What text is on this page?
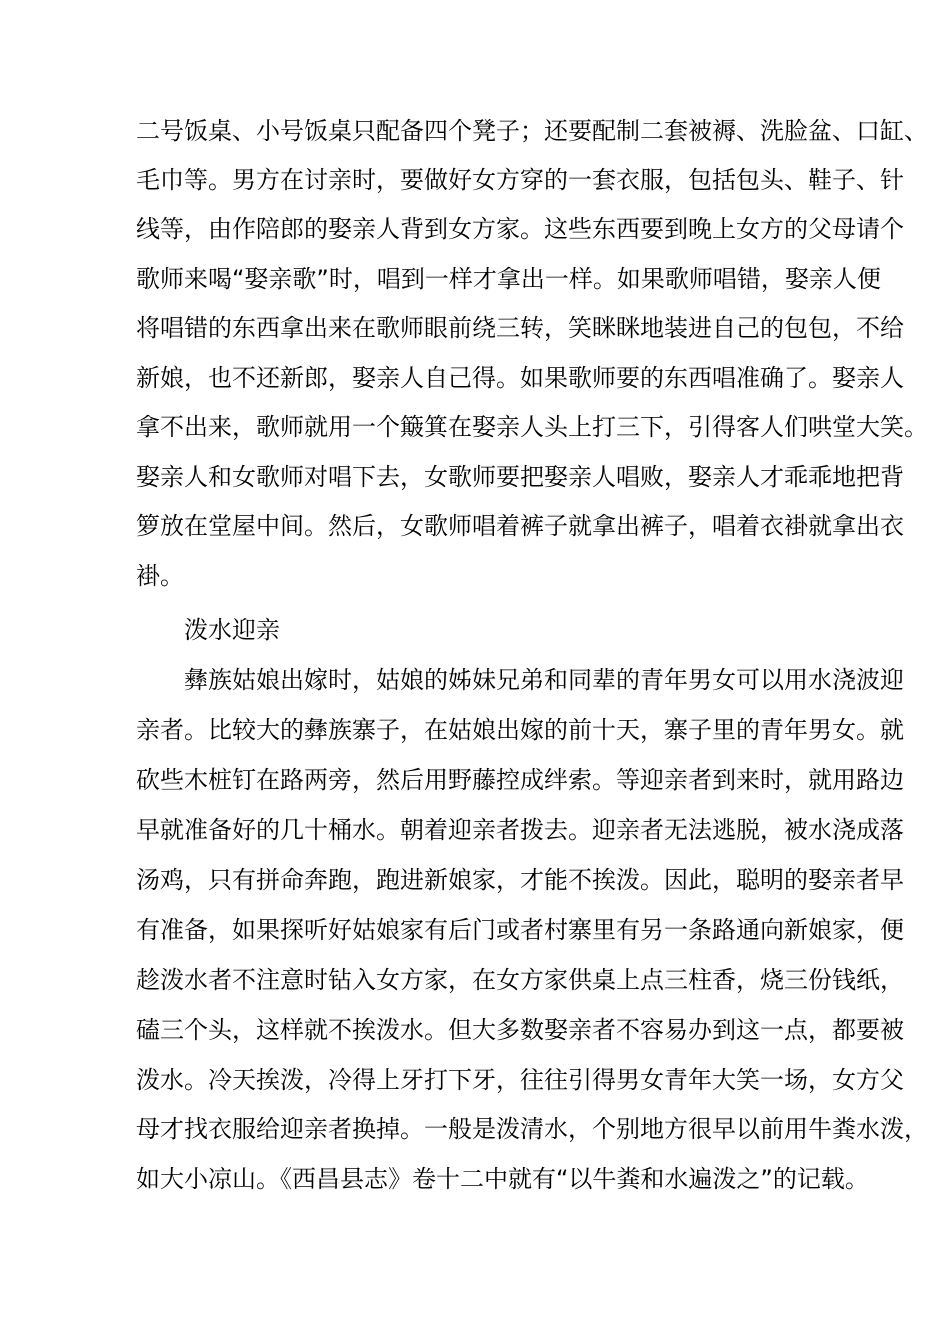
二号饭桌、小号饭桌只配备四个凳子；还要配制二套被褥、洗脸盆、口缸、

毛巾等。男方在讨亲时，要做好女方穿的一套衣服，包括包头、鞋子、针

线等，由作陪郎的娶亲人背到女方家。这些东西要到晚上女方的父母请个

歌师来喝“娶亲歌”时，唱到一样才拿出一样。如果歌师唱错，娶亲人便

将唱错的东西拿出来在歌师眼前绕三转，笑眯眯地装进自己的包包，不给

新娘，也不还新郎，娶亲人自己得。如果歌师要的东西唱准确了。娶亲人

拿不出来，歌师就用一个簸箕在娶亲人头上打三下，引得客人们哄堂大笑。

娶亲人和女歌师对唱下去，女歌师要把娶亲人唱败，娶亲人才乖乖地把背

箩放在堂屋中间。然后，女歌师唱着裤子就拿出裤子，唱着衣褂就拿出衣

褂。

泼水迎亲

彝族姑娘出嫁时，姑娘的姊妹兄弟和同辈的青年男女可以用水浇波迎

亲者。比较大的彝族寨子，在姑娘出嫁的前十天，寨子里的青年男女。就

砍些木桩钉在路两旁，然后用野藤控成绊索。等迎亲者到来时，就用路边

早就准备好的几十桶水。朝着迎亲者拨去。迎亲者无法逃脱，被水浇成落

汤鸡，只有拼命奔跑，跑进新娘家，才能不挨泼。因此，聪明的娶亲者早

有准备，如果探听好姑娘家有后门或者村寨里有另一条路通向新娘家，便

趁泼水者不注意时钻入女方家，在女方家供桌上点三柱香，烧三份钱纸，

磕三个头，这样就不挨泼水。但大多数娶亲者不容易办到这一点，都要被

泼水。冷天挨泼，冷得上牙打下牙，往往引得男女青年大笑一场，女方父

母才找衣服给迎亲者换掉。一般是泼清水，个别地方很早以前用牛粪水泼，

如大小凉山。《西昌县志》卷十二中就有“以牛粪和水遍泼之”的记载。
